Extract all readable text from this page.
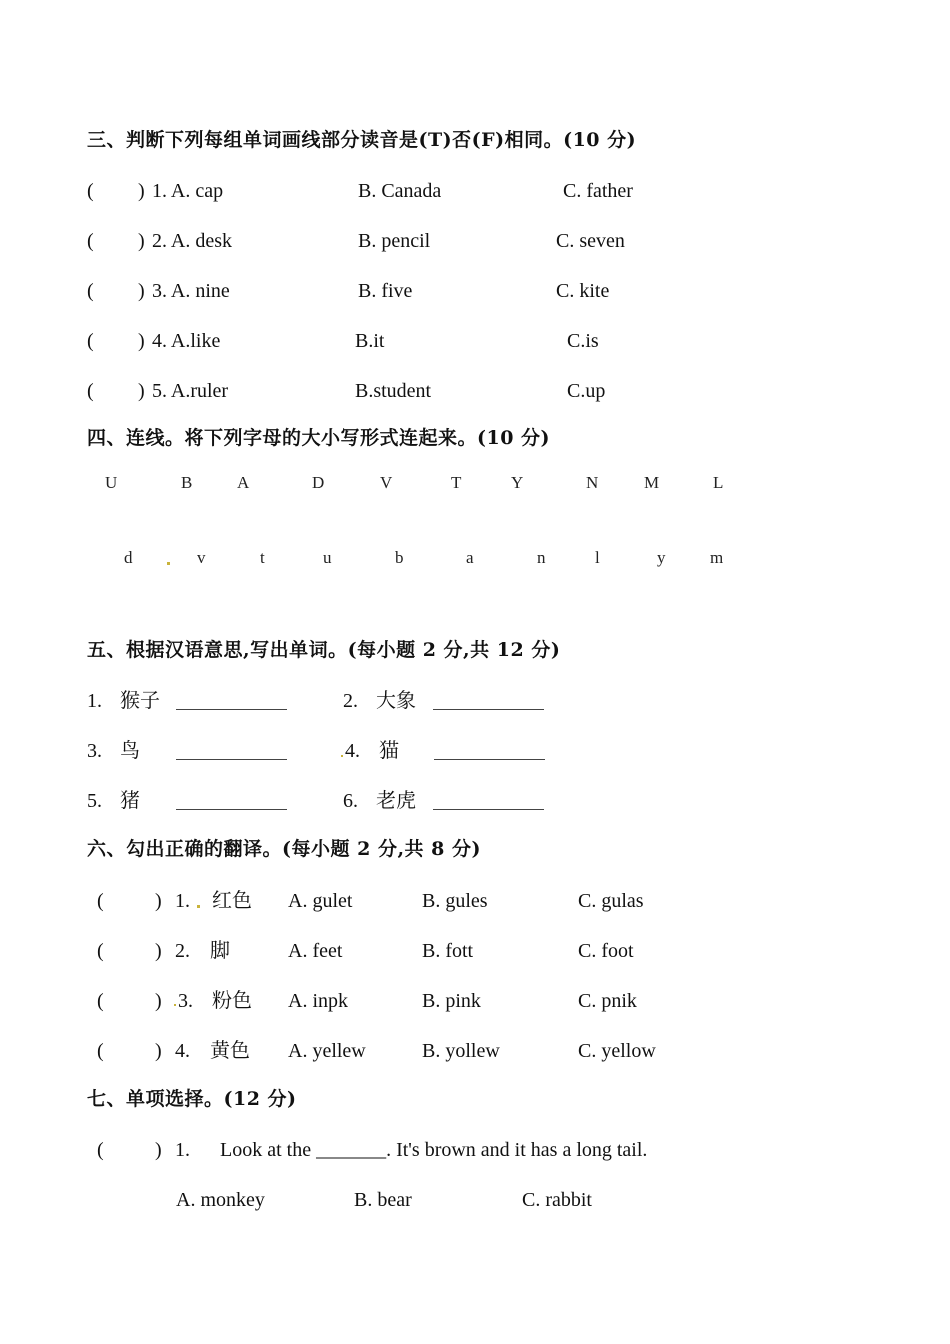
三、判断下列每组单词画线部分读音是(T)否(F)相同。(10 分)
( ) 1. A. cap	B. Canada	C. father
( ) 2. A. desk	B. pencil	C. seven
( ) 3. A. nine	B. five	C. kite
( ) 4. A.like	B.it	C.is
( ) 5. A.ruler	B.student	C.up
四、连线。将下列字母的大小写形式连起来。(10 分)
U	B	A	D	V	T	Y	N	M	L
d	v	t	u	b	a	n	l	y	m
五、根据汉语意思,写出单词。(每小题 2 分,共 12 分)
1. 猴子	2. 大象
3. 鸟	4. 猫
5. 猪	6. 老虎
六、勾出正确的翻译。(每小题 2 分,共 8 分)
(	) 1. 红色 A. gulet	B. gules	C. gulas
(	) 2. 脚	A. feet	B. fott	C. foot
(	) 3. 粉色 A. inpk	B. pink	C. pnik
(	) 4. 黄色 A. yellew	B. yollew	C. yellow
七、单项选择。(12 分)
(	) 1. Look at the _______. It's brown and it has a long tail.
A. monkey	B. bear	C. rabbit
